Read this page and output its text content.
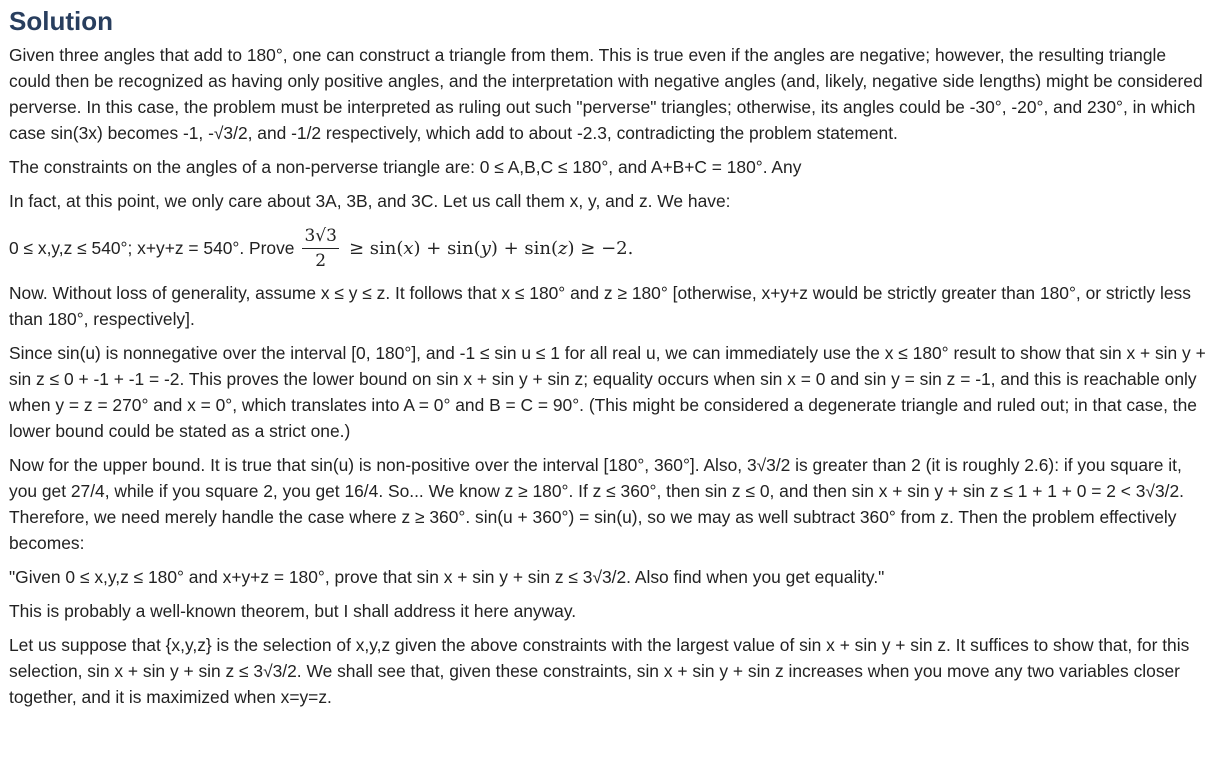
Solution

Given three angles that add to 180°, one can construct a triangle from them. This is true even if the angles are negative; however, the resulting triangle could then be recognized as having only positive angles, and the interpretation with negative angles (and, likely, negative side lengths) might be considered perverse. In this case, the problem must be interpreted as ruling out such "perverse" triangles; otherwise, its angles could be -30°, -20°, and 230°, in which case sin(3x) becomes -1, -√3/2, and -1/2 respectively, which add to about -2.3, contradicting the problem statement.

The constraints on the angles of a non-perverse triangle are: 0 ≤ A,B,C ≤ 180°, and A+B+C = 180°. Any

In fact, at this point, we only care about 3A, 3B, and 3C. Let us call them x, y, and z. We have:

0 ≤ x,y,z ≤ 540°; x+y+z = 540°. Prove $\frac{3√3}{2} \ge \sin(x) + \sin(y) + \sin(z) \ge -2$.

Now. Without loss of generality, assume x ≤ y ≤ z. It follows that x ≤ 180° and z ≥ 180° [otherwise, x+y+z would be strictly greater than 180°, or strictly less than 180°, respectively].

Since sin(u) is nonnegative over the interval [0, 180°], and -1 ≤ sin u ≤ 1 for all real u, we can immediately use the x ≤ 180° result to show that sin x + sin y + sin z ≤ 0 + -1 + -1 = -2. This proves the lower bound on sin x + sin y + sin z; equality occurs when sin x = 0 and sin y = sin z = -1, and this is reachable only when y = z = 270° and x = 0°, which translates into A = 0° and B = C = 90°. (This might be considered a degenerate triangle and ruled out; in that case, the lower bound could be stated as a strict one.)

Now for the upper bound. It is true that sin(u) is non-positive over the interval [180°, 360°]. Also, 3√3/2 is greater than 2 (it is roughly 2.6): if you square it, you get 27/4, while if you square 2, you get 16/4. So... We know z ≥ 180°. If z ≤ 360°, then sin z ≤ 0, and then sin x + sin y + sin z ≤ 1 + 1 + 0 = 2 < 3√3/2. Therefore, we need merely handle the case where z ≥ 360°. sin(u + 360°) = sin(u), so we may as well subtract 360° from z. Then the problem effectively becomes:

"Given 0 ≤ x,y,z ≤ 180° and x+y+z = 180°, prove that sin x + sin y + sin z ≤ 3√3/2. Also find when you get equality."

This is probably a well-known theorem, but I shall address it here anyway.

Let us suppose that {x,y,z} is the selection of x,y,z given the above constraints with the largest value of sin x + sin y + sin z. It suffices to show that, for this selection, sin x + sin y + sin z ≤ 3√3/2. We shall see that, given these constraints, sin x + sin y + sin z increases when you move any two variables closer together, and it is maximized when x=y=z.
